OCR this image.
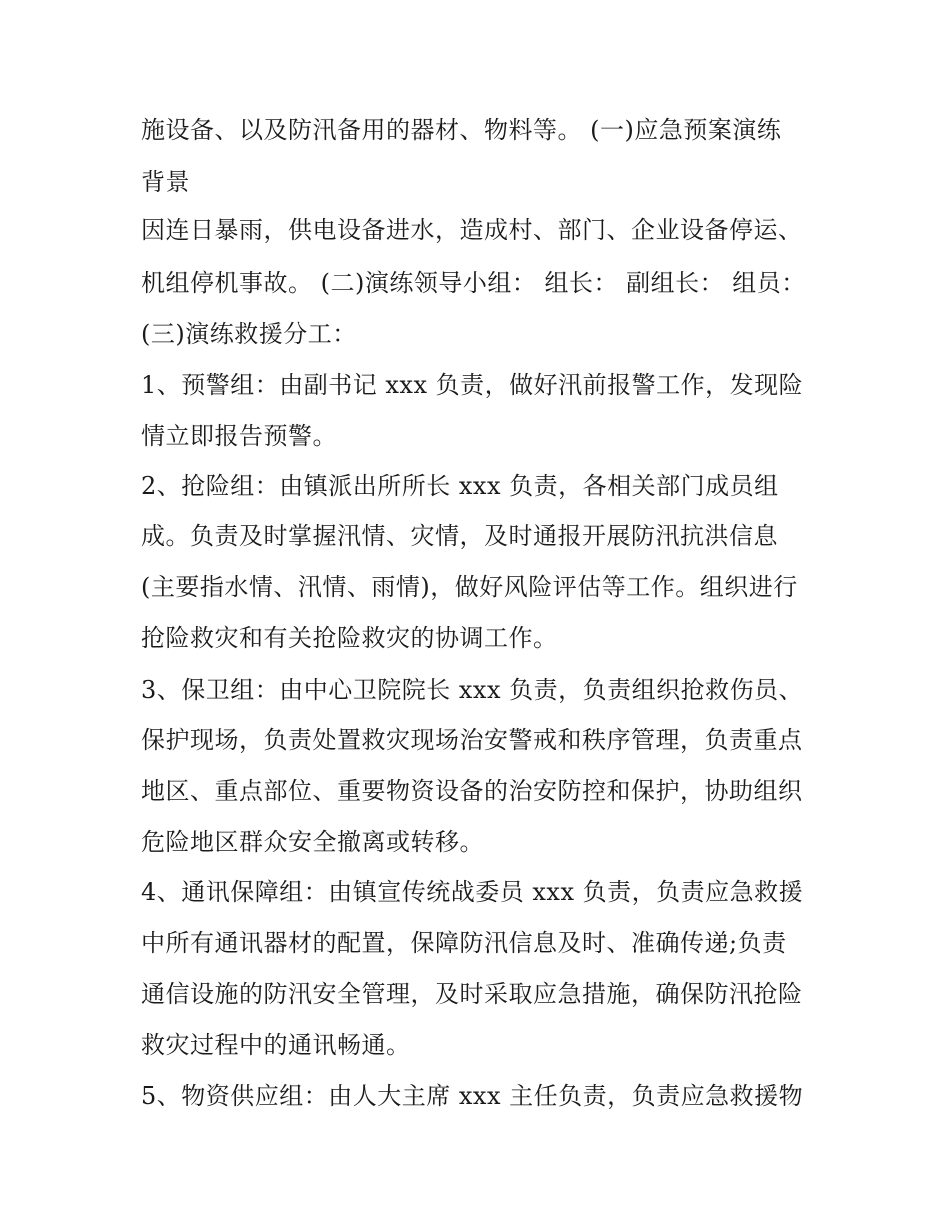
施设备、以及防汛备用的器材、物料等。 (一)应急预案演练
背景
因连日暴雨，供电设备进水，造成村、部门、企业设备停运、
机组停机事故。 (二)演练领导小组： 组长： 副组长： 组员：
(三)演练救援分工：
1、预警组：由副书记 xxx 负责，做好汛前报警工作，发现险
情立即报告预警。
2、抢险组：由镇派出所所长 xxx 负责，各相关部门成员组
成。负责及时掌握汛情、灾情，及时通报开展防汛抗洪信息
(主要指水情、汛情、雨情)，做好风险评估等工作。组织进行
抢险救灾和有关抢险救灾的协调工作。
3、保卫组：由中心卫院院长 xxx 负责，负责组织抢救伤员、
保护现场，负责处置救灾现场治安警戒和秩序管理，负责重点
地区、重点部位、重要物资设备的治安防控和保护，协助组织
危险地区群众安全撤离或转移。
4、通讯保障组：由镇宣传统战委员 xxx 负责，负责应急救援
中所有通讯器材的配置，保障防汛信息及时、准确传递;负责
通信设施的防汛安全管理，及时采取应急措施，确保防汛抢险
救灾过程中的通讯畅通。
5、物资供应组：由人大主席 xxx 主任负责，负责应急救援物
